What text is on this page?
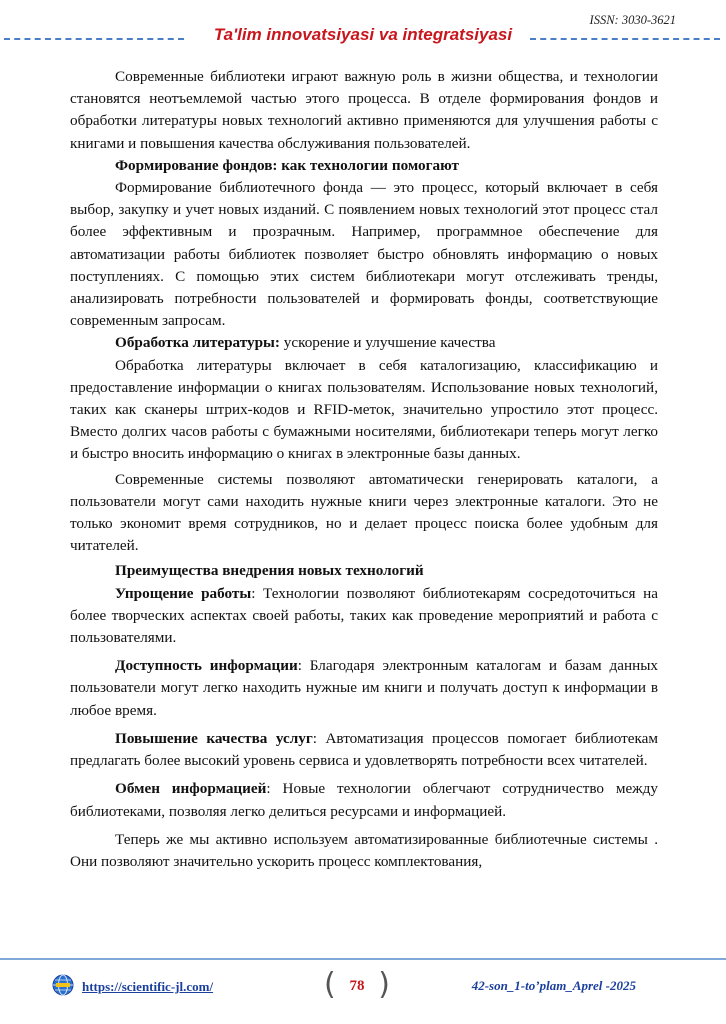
ISSN: 3030-3621
Ta'lim innovatsiyasi va integratsiyasi

Современные библиотеки играют важную роль в жизни общества, и технологии становятся неотъемлемой частью этого процесса. В отделе формирования фондов и обработки литературы новых технологий активно применяются для улучшения работы с книгами и повышения качества обслуживания пользователей.

Формирование фондов: как технологии помогают

Формирование библиотечного фонда — это процесс, который включает в себя выбор, закупку и учет новых изданий. С появлением новых технологий этот процесс стал более эффективным и прозрачным. Например, программное обеспечение для автоматизации работы библиотек позволяет быстро обновлять информацию о новых поступлениях. С помощью этих систем библиотекари могут отслеживать тренды, анализировать потребности пользователей и формировать фонды, соответствующие современным запросам.

Обработка литературы: ускорение и улучшение качества

Обработка литературы включает в себя каталогизацию, классификацию и предоставление информации о книгах пользователям. Использование новых технологий, таких как сканеры штрих-кодов и RFID-меток, значительно упростило этот процесс. Вместо долгих часов работы с бумажными носителями, библиотекари теперь могут легко и быстро вносить информацию о книгах в электронные базы данных.

Современные системы позволяют автоматически генерировать каталоги, а пользователи могут сами находить нужные книги через электронные каталоги. Это не только экономит время сотрудников, но и делает процесс поиска более удобным для читателей.

Преимущества внедрения новых технологий

Упрощение работы: Технологии позволяют библиотекарям сосредоточиться на более творческих аспектах своей работы, таких как проведение мероприятий и работа с пользователями.

Доступность информации: Благодаря электронным каталогам и базам данных пользователи могут легко находить нужные им книги и получать доступ к информации в любое время.

Повышение качества услуг: Автоматизация процессов помогает библиотекам предлагать более высокий уровень сервиса и удовлетворять потребности всех читателей.

Обмен информацией: Новые технологии облегчают сотрудничество между библиотеками, позволяя легко делиться ресурсами и информацией.

Теперь же мы активно используем автоматизированные библиотечные системы . Они позволяют значительно ускорить процесс комплектования,

https://scientific-jl.com/	( 78 )	42-son_1-to’plam_Aprel -2025
